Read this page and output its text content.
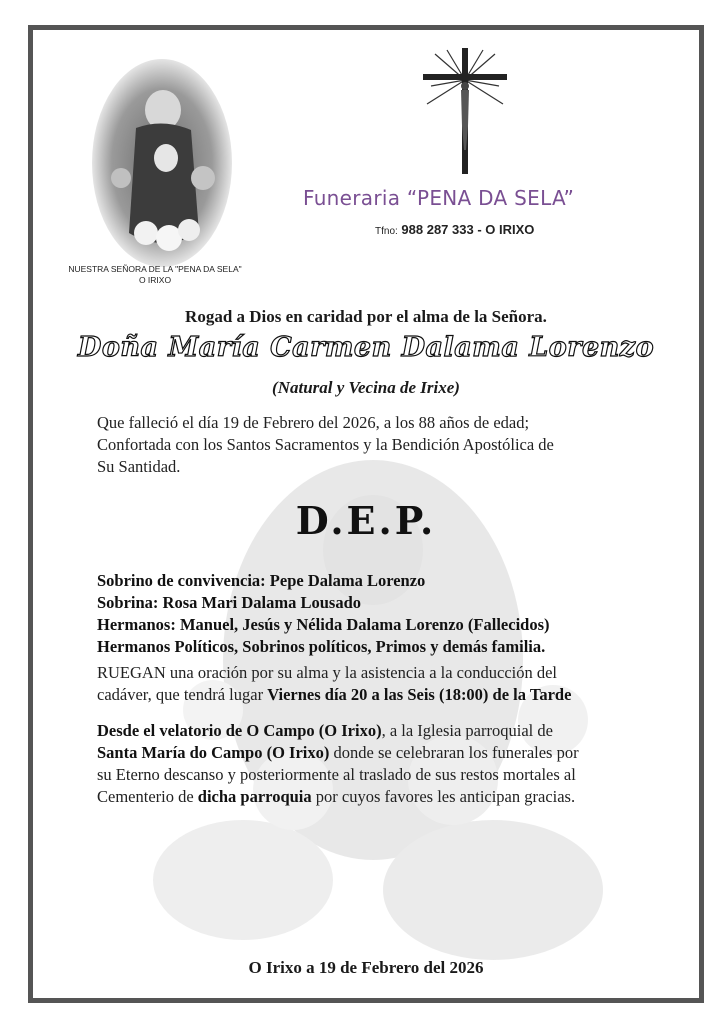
NUESTRA SEÑORA DE LA "PENA DA SELA"
O IRIXO
Funeraria “PENA DA SELA”
Tfno: 988 287 333 - O IRIXO
Rogad a Dios en caridad por el alma de la Señora.
Doña María Carmen Dalama Lorenzo
(Natural y Vecina de Irixe)
Que falleció el día 19 de Febrero del 2026, a los 88 años de edad;
Confortada con los Santos Sacramentos y la Bendición Apostólica de
Su Santidad.
D.E.P.
Sobrino de convivencia: Pepe Dalama Lorenzo
Sobrina: Rosa Mari Dalama Lousado
Hermanos: Manuel, Jesús y Nélida Dalama Lorenzo (Fallecidos)
Hermanos Políticos, Sobrinos políticos, Primos y demás familia.
RUEGAN una oración por su alma y la asistencia a la conducción del
cadáver, que tendrá lugar Viernes día 20 a las Seis (18:00) de la Tarde
Desde el velatorio de O Campo (O Irixo), a la Iglesia parroquial de
Santa María do Campo (O Irixo) donde se celebraran los funerales por
su Eterno descanso y posteriormente al traslado de sus restos mortales al
Cementerio de dicha parroquia por cuyos favores les anticipan gracias.
O Irixo a 19 de Febrero del 2026
